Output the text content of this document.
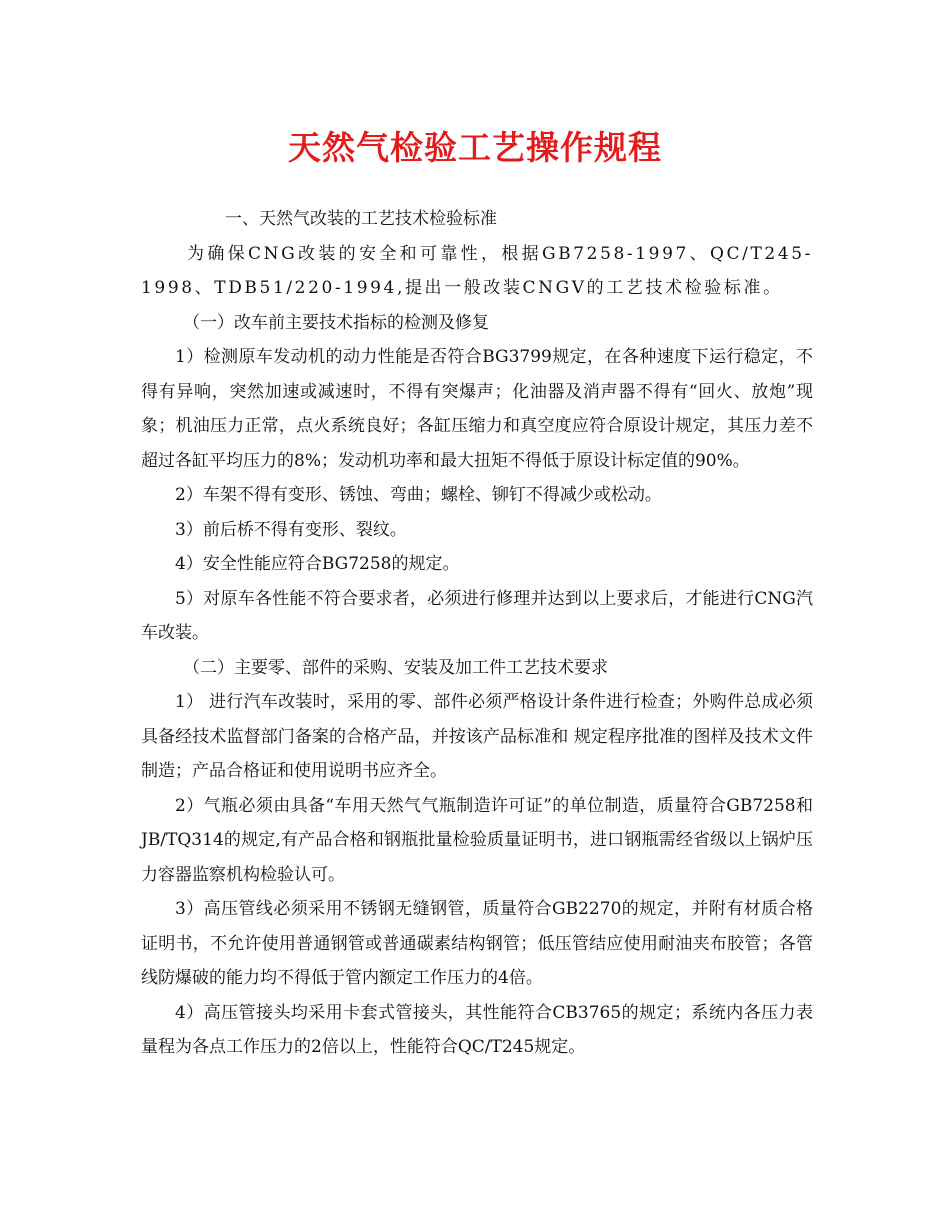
天然气检验工艺操作规程

一、天然气改装的工艺技术检验标准

为确保CNG改装的安全和可靠性，根据GB7258-1997、QC/T245-1998、TDB51/220-1994,提出一般改装CNGV的工艺技术检验标准。

（一）改车前主要技术指标的检测及修复

1）检测原车发动机的动力性能是否符合BG3799规定，在各种速度下运行稳定，不得有异响，突然加速或减速时，不得有突爆声；化油器及消声器不得有“回火、放炮”现象；机油压力正常，点火系统良好；各缸压缩力和真空度应符合原设计规定，其压力差不超过各缸平均压力的8%；发动机功率和最大扭矩不得低于原设计标定值的90%。

2）车架不得有变形、锈蚀、弯曲；螺栓、铆钉不得减少或松动。

3）前后桥不得有变形、裂纹。

4）安全性能应符合BG7258的规定。

5）对原车各性能不符合要求者，必须进行修理并达到以上要求后，才能进行CNG汽　 车改装。

（二）主要零、部件的采购、安装及加工件工艺技术要求

1） 进行汽车改装时，采用的零、部件必须严格设计条件进行检查；外购件总成必须具备经技术监督部门备案的合格产品，并按该产品标准和 规定程序批准的图样及技术文件制造；产品合格证和使用说明书应齐全。

2）气瓶必须由具备“车用天然气气瓶制造许可证”的单位制造，质量符合GB7258和JB/TQ314的规定,有产品合格和钢瓶批量检验质量证明书，进口钢瓶需经省级以上锅炉压力容器监察机构检验认可。

3）高压管线必须采用不锈钢无缝钢管，质量符合GB2270的规定，并附有材质合格证明书，不允许使用普通钢管或普通碳素结构钢管；低压管结应使用耐油夹布胶管；各管线防爆破的能力均不得低于管内额定工作压力的4倍。

4）高压管接头均采用卡套式管接头，其性能符合CB3765的规定；系统内各压力表量程为各点工作压力的2倍以上，性能符合QC/T245规定。
